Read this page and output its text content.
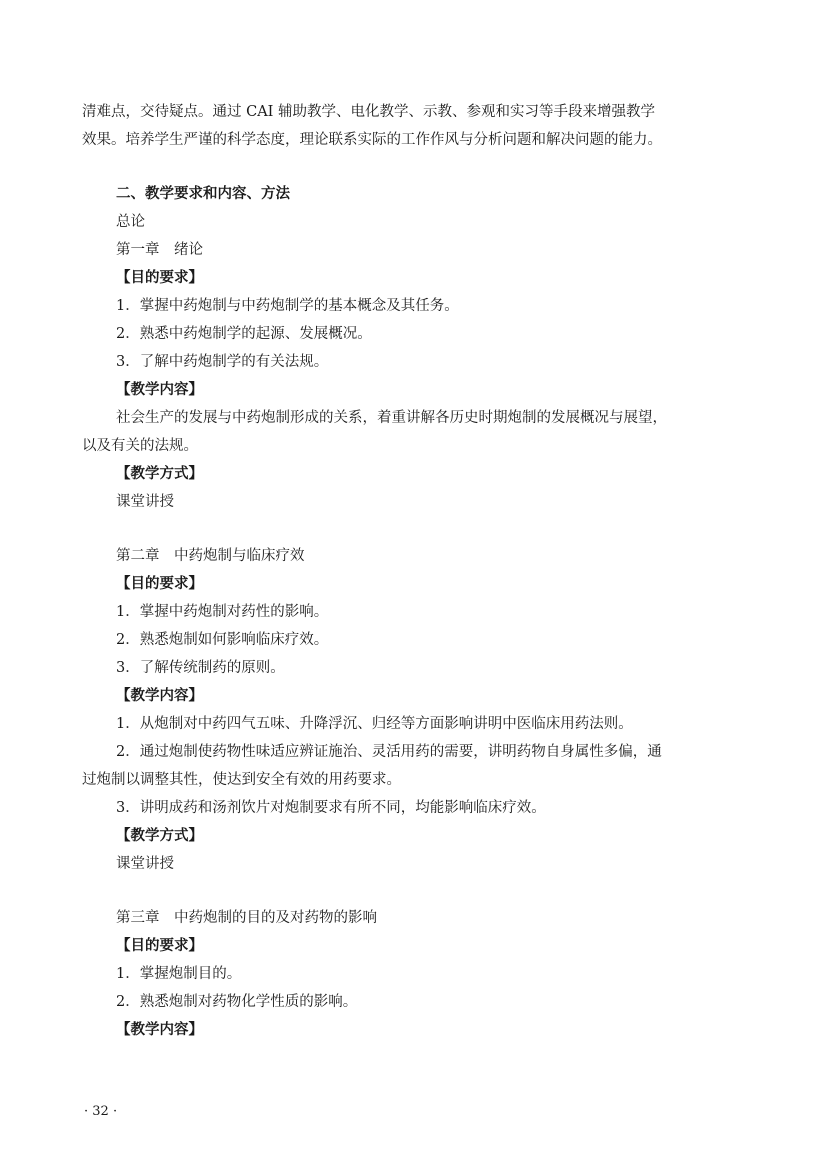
清难点，交待疑点。通过 CAI 辅助教学、电化教学、示教、参观和实习等手段来增强教学

效果。培养学生严谨的科学态度，理论联系实际的工作作风与分析问题和解决问题的能力。

二、教学要求和内容、方法

总论

第一章　绪论

【目的要求】

1．掌握中药炮制与中药炮制学的基本概念及其任务。

2．熟悉中药炮制学的起源、发展概况。

3．了解中药炮制学的有关法规。

【教学内容】

社会生产的发展与中药炮制形成的关系，着重讲解各历史时期炮制的发展概况与展望，

以及有关的法规。

【教学方式】

课堂讲授

第二章　中药炮制与临床疗效

【目的要求】

1．掌握中药炮制对药性的影响。

2．熟悉炮制如何影响临床疗效。

3．了解传统制药的原则。

【教学内容】

1．从炮制对中药四气五味、升降浮沉、归经等方面影响讲明中医临床用药法则。

2．通过炮制使药物性味适应辨证施治、灵活用药的需要，讲明药物自身属性多偏，通

过炮制以调整其性，使达到安全有效的用药要求。

3．讲明成药和汤剂饮片对炮制要求有所不同，均能影响临床疗效。

【教学方式】

课堂讲授

第三章　中药炮制的目的及对药物的影响

【目的要求】

1．掌握炮制目的。

2．熟悉炮制对药物化学性质的影响。

【教学内容】

· 32 ·
